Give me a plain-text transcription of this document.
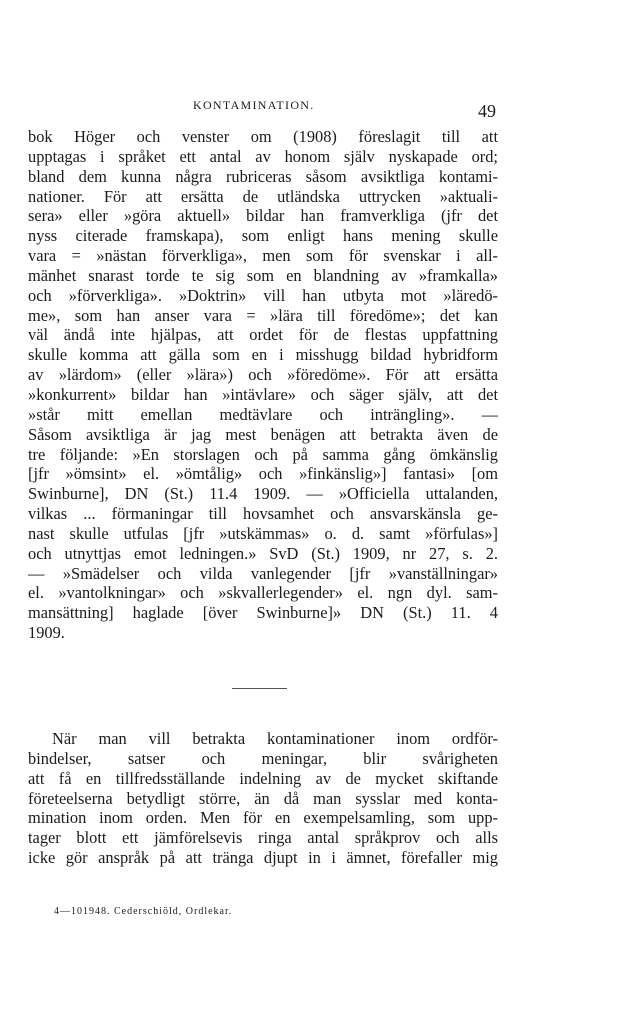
KONTAMINATION.	49
bok Höger och venster om (1908) föreslagit till att
upptagas i språket ett antal av honom själv nyskapade ord;
bland dem kunna några rubriceras såsom avsiktliga kontami-
nationer. För att ersätta de utländska uttrycken »aktuali-
sera» eller »göra aktuell» bildar han framverkliga (jfr det
nyss citerade framskapa), som enligt hans mening skulle
vara = »nästan förverkliga», men som för svenskar i all-
mänhet snarast torde te sig som en blandning av »framkalla»
och »förverkliga». »Doktrin» vill han utbyta mot »läredö-
me», som han anser vara = »lära till föredöme»; det kan
väl ändå inte hjälpas, att ordet för de flestas uppfattning
skulle komma att gälla som en i misshugg bildad hybridform
av »lärdom» (eller »lära») och »föredöme». För att ersätta
»konkurrent» bildar han »intävlare» och säger själv, att det
»står mitt emellan medtävlare och inträngling». —
Såsom avsiktliga är jag mest benägen att betrakta även de
tre följande: »En storslagen och på samma gång ömkänslig
[jfr »ömsint» el. »ömtålig» och »finkänslig»] fantasi» [om
Swinburne], DN (St.) 11.4 1909. — »Officiella uttalanden,
vilkas ... förmaningar till hovsamhet och ansvarskänsla ge-
nast skulle utfulas [jfr »utskämmas» o. d. samt »förfulas»]
och utnyttjas emot ledningen.» SvD (St.) 1909, nr 27, s. 2.
— »Smädelser och vilda vanlegender [jfr »vanställningar»
el. »vantolkningar» och »skvallerlegender» el. ngn dyl. sam-
mansättning] haglade [över Swinburne]» DN (St.) 11. 4
1909.
När man vill betrakta kontaminationer inom ordför-
bindelser, satser och meningar, blir svårigheten
att få en tillfredsställande indelning av de mycket skiftande
företeelserna betydligt större, än då man sysslar med konta-
mination inom orden. Men för en exempelsamling, som upp-
tager blott ett jämförelsevis ringa antal språkprov och alls
icke gör anspråk på att tränga djupt in i ämnet, förefaller mig
4—101948. Cederschiöld, Ordlekar.
